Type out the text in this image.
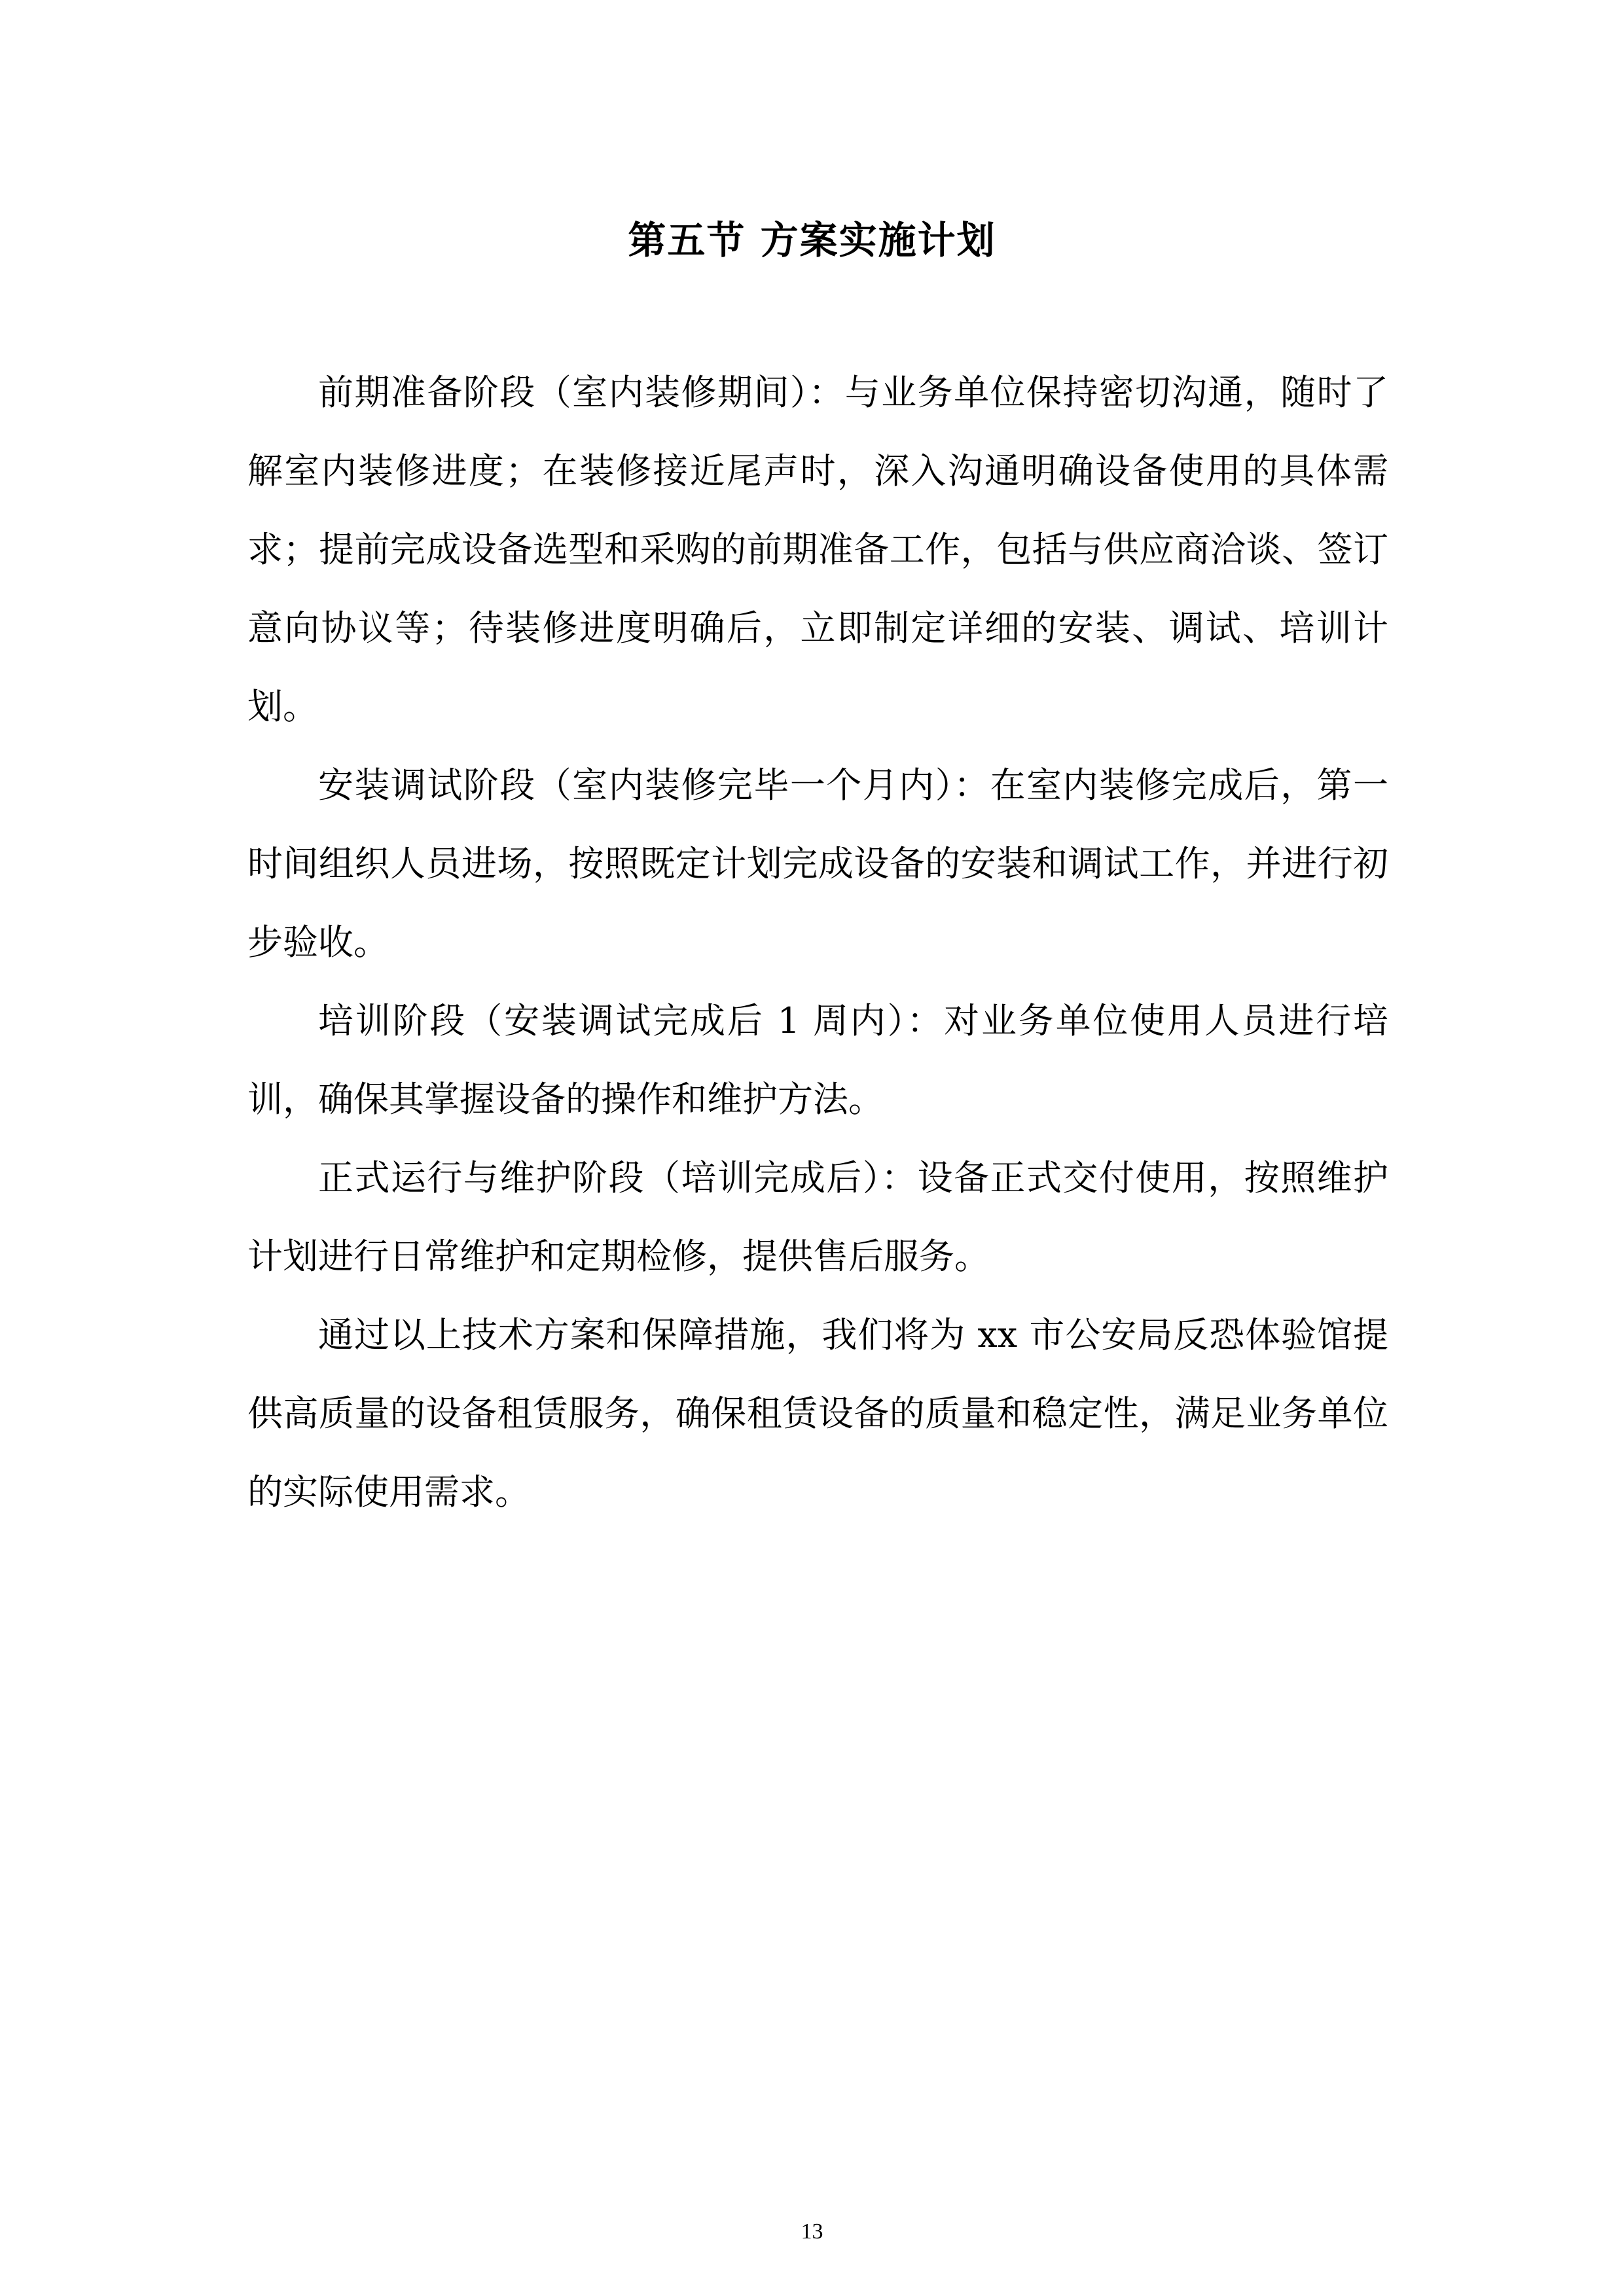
第五节 方案实施计划

前期准备阶段（室内装修期间）：与业务单位保持密切沟通，随时了解室内装修进度；在装修接近尾声时，深入沟通明确设备使用的具体需求；提前完成设备选型和采购的前期准备工作，包括与供应商洽谈、签订意向协议等；待装修进度明确后，立即制定详细的安装、调试、培训计划。

安装调试阶段（室内装修完毕一个月内）：在室内装修完成后，第一时间组织人员进场，按照既定计划完成设备的安装和调试工作，并进行初步验收。

培训阶段（安装调试完成后 1 周内）：对业务单位使用人员进行培训，确保其掌握设备的操作和维护方法。

正式运行与维护阶段（培训完成后）：设备正式交付使用，按照维护计划进行日常维护和定期检修，提供售后服务。

通过以上技术方案和保障措施，我们将为 xx 市公安局反恐体验馆提供高质量的设备租赁服务，确保租赁设备的质量和稳定性，满足业务单位的实际使用需求。

13
